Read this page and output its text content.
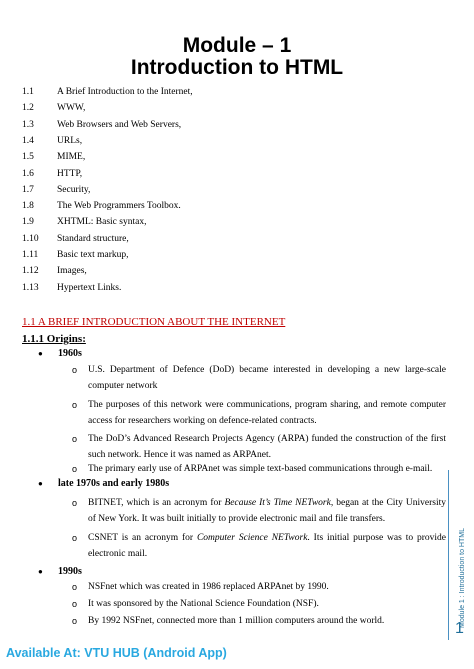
Module – 1
Introduction to HTML
1.1 A Brief Introduction to the Internet,
1.2 WWW,
1.3 Web Browsers and Web Servers,
1.4 URLs,
1.5 MIME,
1.6 HTTP,
1.7 Security,
1.8 The Web Programmers Toolbox.
1.9 XHTML: Basic syntax,
1.10 Standard structure,
1.11 Basic text markup,
1.12 Images,
1.13 Hypertext Links.
1.1 A BRIEF INTRODUCTION ABOUT THE INTERNET
1.1.1 Origins:
● 1960s
o U.S. Department of Defence (DoD) became interested in developing a new large-scale computer network
o The purposes of this network were communications, program sharing, and remote computer access for researchers working on defence-related contracts.
o The DoD’s Advanced Research Projects Agency (ARPA) funded the construction of the first such network. Hence it was named as ARPAnet.
o The primary early use of ARPAnet was simple text-based communications through e-mail.
● late 1970s and early 1980s
o BITNET, which is an acronym for Because It’s Time NETwork, began at the City University of New York. It was built initially to provide electronic mail and file transfers.
o CSNET is an acronym for Computer Science NETwork. Its initial purpose was to provide electronic mail.
● 1990s
o NSFnet which was created in 1986 replaced ARPAnet by 1990.
o It was sponsored by the National Science Foundation (NSF).
o By 1992 NSFnet, connected more than 1 million computers around the world.	Module 1 : Introduction to HTML
1
Available At: VTU HUB (Android App)
